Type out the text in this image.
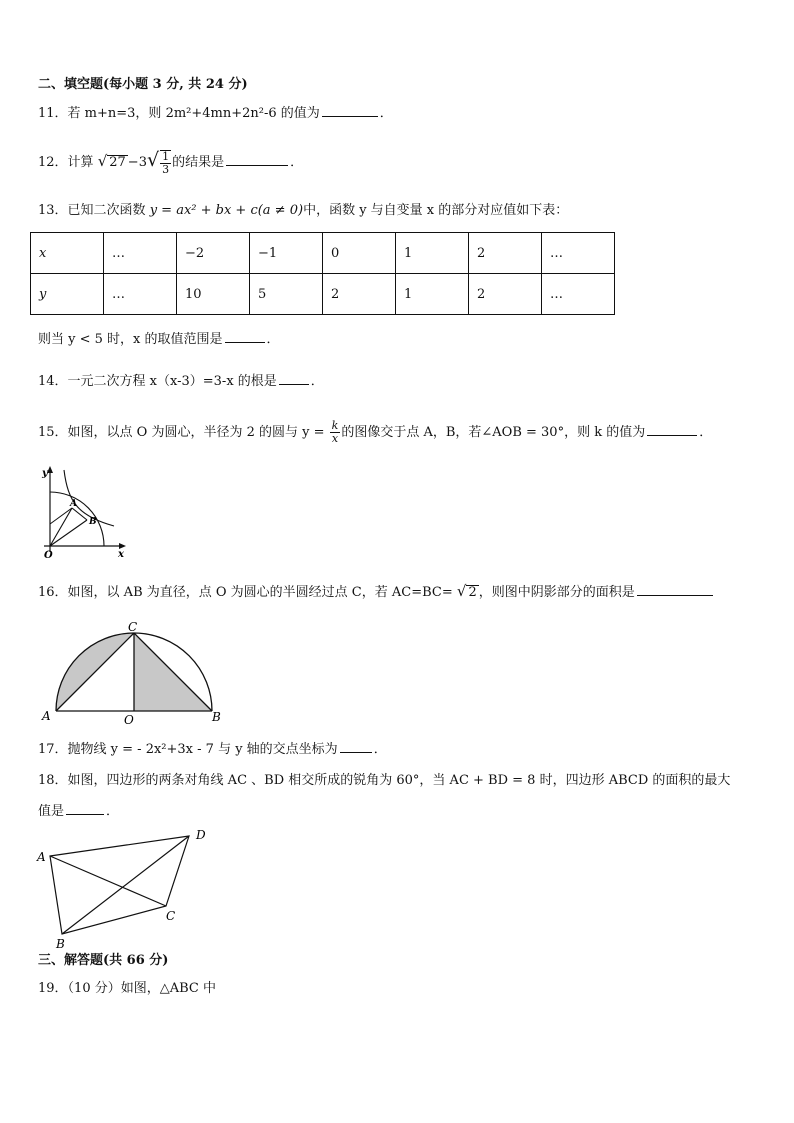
二、填空题(每小题 3 分, 共 24 分)
11．若 m+n=3，则 2m²+4mn+2n²-6 的值为	．
12．计算 √ $27 -3√ \frac{1}{3}$ 的结果是	．
13．已知二次函数 y = ax² + bx + c(a ≠ 0)中，函数 y 与自变量 x 的部分对应值如下表：
x	…	−2	−1	0	1	2	…
y	…	10	5	2	1	2	…
则当 y < 5 时，x 的取值范围是	．
14．一元二次方程 x（x-3）=3-x 的根是	．
15．如图，以点 O 为圆心，半径为 2 的圆与 $y = \frac{k}{x}$ 的图像交于点 A，B，若∠AOB = 30°，则 k 的值为	．
y
x
O
A
B
16．如图，以 AB 为直径，点 O 为圆心的半圆经过点 C，若 AC=BC= √ 2 ，则图中阴影部分的面积是
A	B
C
O
17．抛物线 y = - 2x²+3x - 7 与 y 轴的交点坐标为	．
18．如图，四边形的两条对角线 AC 、BD 相交所成的锐角为 60°，当 AC + BD = 8 时，四边形 ABCD 的面积的最大
值是	．
A
B
C
D
三、解答题(共 66 分)
19．（10 分）如图，△ABC 中
